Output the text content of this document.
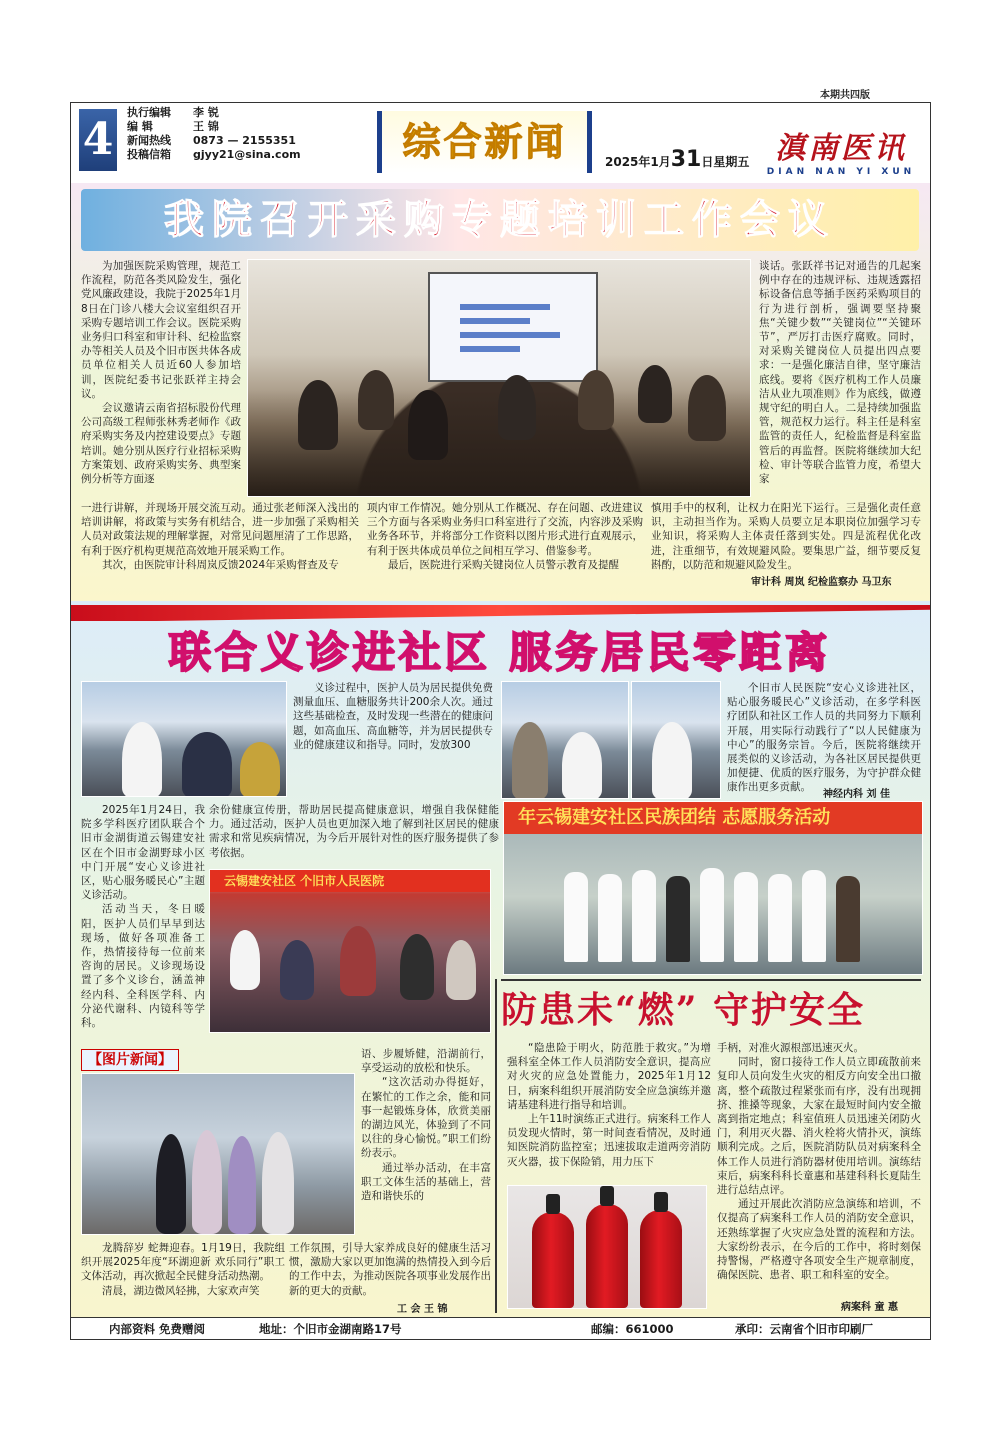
本期共四版
4
执行编辑	李 锐
编 辑	王 锦
新闻热线	0873 — 2155351
投稿信箱	gjyy21@sina.com	综合新闻	2025年1月31日星期五 滇南医讯
DIAN NAN YI XUN
我院召开采购专题培训工作会议

为加强医院采购管理，规范工作流程，防范各类风险发生，强化党风廉政建设，我院于2025年1月8日在门诊八楼大会议室组织召开采购专题培训工作会议。医院采购业务归口科室和审计科、纪检监察办等相关人员及个旧市医共体各成员单位相关人员近60人参加培训，医院纪委书记张跃祥主持会议。

会议邀请云南省招标股份代理公司高级工程师张林秀老师作《政府采购实务及内控建设要点》专题培训。她分别从医疗行业招标采购方案策划、政府采购实务、典型案例分析等方面逐

谈话。张跃祥书记对通告的几起案例中存在的违规评标、违规透露招标设备信息等插手医药采购项目的行为进行剖析，强调要坚持聚焦“关键少数”“关键岗位”“关键环节”，严厉打击医疗腐败。同时，对采购关键岗位人员提出四点要求：一是强化廉洁自律，坚守廉洁底线。要将《医疗机构工作人员廉洁从业九项准则》作为底线，做遵规守纪的明白人。二是持续加强监管，规范权力运行。科主任是科室监管的责任人，纪检监督是科室监管后的再监督。医院将继续加大纪检、审计等联合监管力度，希望大家

一进行讲解，并现场开展交流互动。通过张老师深入浅出的培训讲解，将政策与实务有机结合，进一步加强了采购相关人员对政策法规的理解掌握，对常见问题厘清了工作思路，有利于医疗机构更规范高效地开展采购工作。

其次，由医院审计科周岚反馈2024年采购督查及专

项内审工作情况。她分别从工作概况、存在问题、改进建议三个方面与各采购业务归口科室进行了交流，内容涉及采购业务各环节，并将部分工作资料以图片形式进行直观展示，有利于医共体成员单位之间相互学习、借鉴参考。

最后，医院进行采购关键岗位人员警示教育及提醒

慎用手中的权利，让权力在阳光下运行。三是强化责任意识，主动担当作为。采购人员要立足本职岗位加强学习专业知识，将采购人主体责任落到实处。四是流程优化改进，注重细节，有效规避风险。要集思广益，细节要反复斟酌，以防范和规避风险发生。

审计科 周岚 纪检监察办 马卫东
联合义诊进社区 服务居民零距离

义诊过程中，医护人员为居民提供免费测量血压、血糖服务共计200余人次。通过这些基础检查，及时发现一些潜在的健康问题，如高血压、高血糖等，并为居民提供专业的健康建议和指导。同时，发放300

个旧市人民医院“安心义诊进社区，贴心服务暖民心”义诊活动，在多学科医疗团队和社区工作人员的共同努力下顺利开展，用实际行动践行了“以人民健康为中心”的服务宗旨。今后，医院将继续开展类似的义诊活动，为各社区居民提供更加便捷、优质的医疗服务，为守护群众健康作出更多贡献。

神经内科 刘 佳

2025年1月24日，我院多学科医疗团队联合个旧市金湖街道云锡建安社区在个旧市金湖野球小区中门开展“安心义诊进社区，贴心服务暖民心”主题义诊活动。

活动当天，冬日暖阳，医护人员们早早到达现场，做好各项准备工作，热情接待每一位前来咨询的居民。义诊现场设置了多个义诊台，涵盖神经内科、全科医学科、内分泌代谢科、内镜科等学科。

余份健康宣传册，帮助居民提高健康意识，增强自我保健能力。通过活动，医护人员也更加深入地了解到社区居民的健康需求和常见疾病情况，为今后开展针对性的医疗服务提供了参考依据。

年云锡建安社区民族团结 志愿服务活动
云锡建安社区 个旧市人民医院
防患未“燃” 守护安全

“隐患险于明火，防范胜于救灾。”为增强科室全体工作人员消防安全意识，提高应对火灾的应急处置能力，2025年1月12日，病案科组织开展消防安全应急演练并邀请基建科进行指导和培训。

上午11时演练正式进行。病案科工作人员发现火情时，第一时间查看情况，及时通知医院消防监控室；迅速拔取走道两旁消防灭火器，拔下保险销，用力压下

手柄，对准火源根部迅速灭火。

同时，窗口接待工作人员立即疏散前来复印人员向发生火灾的相反方向安全出口撤离，整个疏散过程紧张而有序，没有出现拥挤、推搡等现象，大家在最短时间内安全撤离到指定地点；科室值班人员迅速关闭防火门，利用灭火器、消火栓将火情扑灭，演练顺利完成。之后，医院消防队员对病案科全体工作人员进行消防器材使用培训。演练结束后，病案科科长童惠和基建科科长夏陆生进行总结点评。

通过开展此次消防应急演练和培训，不仅提高了病案科工作人员的消防安全意识，还熟练掌握了火灾应急处置的流程和方法。大家纷纷表示，在今后的工作中，将时刻保持警惕，严格遵守各项安全生产规章制度，确保医院、患者、职工和科室的安全。

病案科 童 惠
【图片新闻】	语、步履矫健，沿湖前行，享受运动的放松和快乐。

“这次活动办得挺好，在繁忙的工作之余，能和同事一起锻炼身体，欣赏美丽的湖边风光，体验到了不同以往的身心愉悦。”职工们纷纷表示。

通过举办活动，在丰富职工文体生活的基础上，营造和谐快乐的

龙腾辞岁 蛇舞迎春。1月19日，我院组织开展2025年度“环湖迎新 欢乐同行”职工文体活动，再次掀起全民健身活动热潮。

清晨，湖边微风轻拂，大家欢声笑

工作氛围，引导大家养成良好的健康生活习惯，激励大家以更加饱满的热情投入到今后的工作中去，为推动医院各项事业发展作出新的更大的贡献。

工 会 王 锦
内部资料 免费赠阅	地址：个旧市金湖南路17号	邮编：661000	承印：云南省个旧市印刷厂
